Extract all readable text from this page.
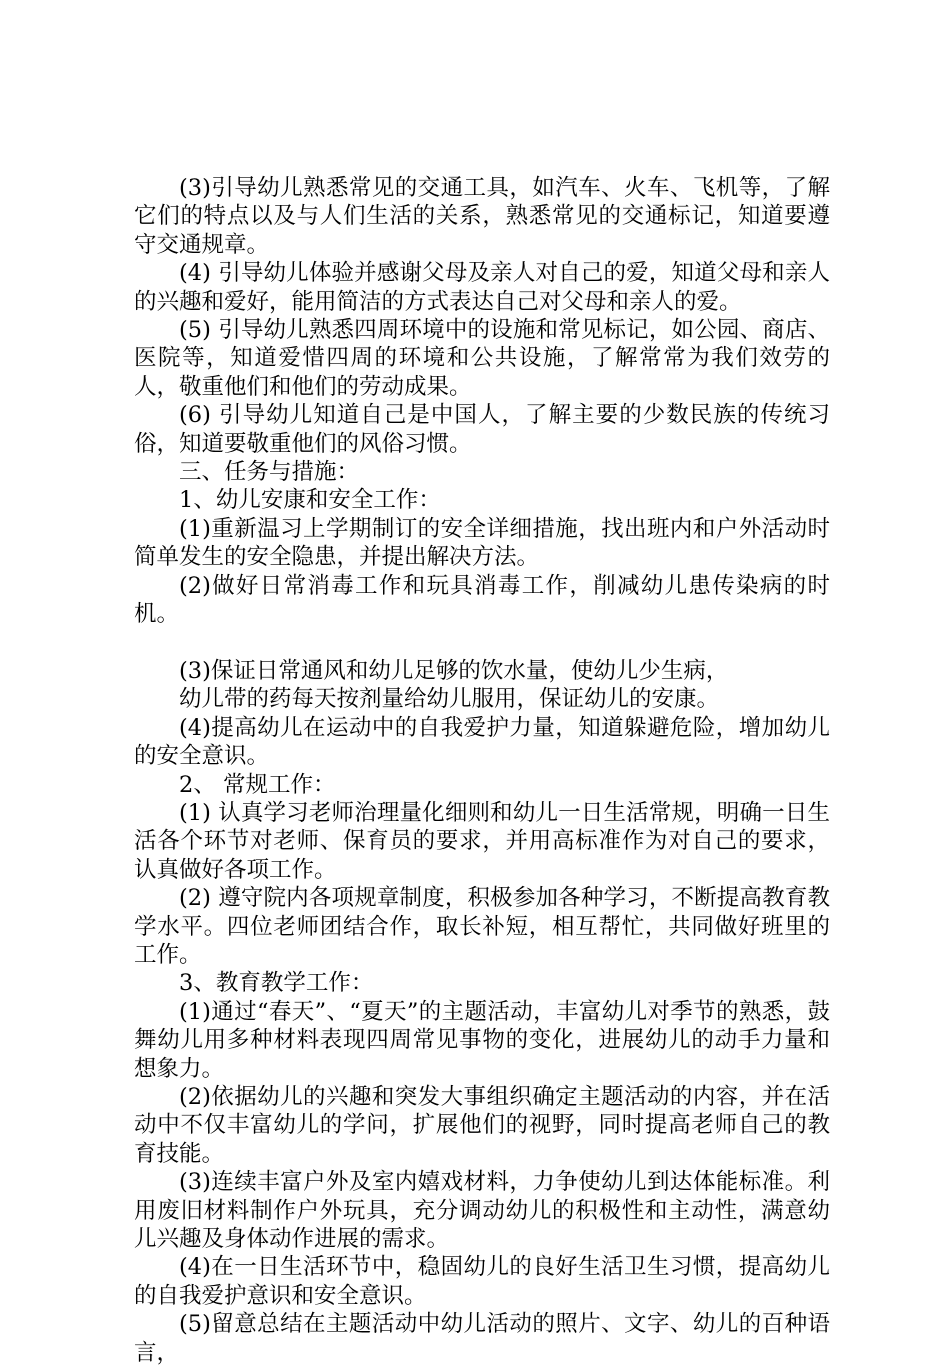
(3)引导幼儿熟悉常见的交通工具，如汽车、火车、飞机等，了解它们的特点以及与人们生活的关系，熟悉常见的交通标记，知道要遵守交通规章。

(4) 引导幼儿体验并感谢父母及亲人对自己的爱，知道父母和亲人的兴趣和爱好，能用简洁的方式表达自己对父母和亲人的爱。

(5) 引导幼儿熟悉四周环境中的设施和常见标记，如公园、商店、医院等，知道爱惜四周的环境和公共设施，了解常常为我们效劳的人，敬重他们和他们的劳动成果。

(6) 引导幼儿知道自己是中国人，了解主要的少数民族的传统习俗，知道要敬重他们的风俗习惯。

三、任务与措施：

1、幼儿安康和安全工作：

(1)重新温习上学期制订的安全详细措施，找出班内和户外活动时简单发生的安全隐患，并提出解决方法。

(2)做好日常消毒工作和玩具消毒工作，削减幼儿患传染病的时机。

(3)保证日常通风和幼儿足够的饮水量，使幼儿少生病，

幼儿带的药每天按剂量给幼儿服用，保证幼儿的安康。

(4)提高幼儿在运动中的自我爱护力量，知道躲避危险，增加幼儿的安全意识。

2、 常规工作：

(1) 认真学习老师治理量化细则和幼儿一日生活常规，明确一日生活各个环节对老师、保育员的要求，并用高标准作为对自己的要求，认真做好各项工作。

(2) 遵守院内各项规章制度，积极参加各种学习，不断提高教育教学水平。四位老师团结合作，取长补短，相互帮忙，共同做好班里的工作。

3、教育教学工作：

(1)通过“春天”、“夏天”的主题活动，丰富幼儿对季节的熟悉，鼓舞幼儿用多种材料表现四周常见事物的变化，进展幼儿的动手力量和想象力。

(2)依据幼儿的兴趣和突发大事组织确定主题活动的内容，并在活动中不仅丰富幼儿的学问，扩展他们的视野，同时提高老师自己的教育技能。

(3)连续丰富户外及室内嬉戏材料，力争使幼儿到达体能标准。利用废旧材料制作户外玩具，充分调动幼儿的积极性和主动性，满意幼儿兴趣及身体动作进展的需求。

(4)在一日生活环节中，稳固幼儿的良好生活卫生习惯，提高幼儿的自我爱护意识和安全意识。

(5)留意总结在主题活动中幼儿活动的照片、文字、幼儿的百种语言，
